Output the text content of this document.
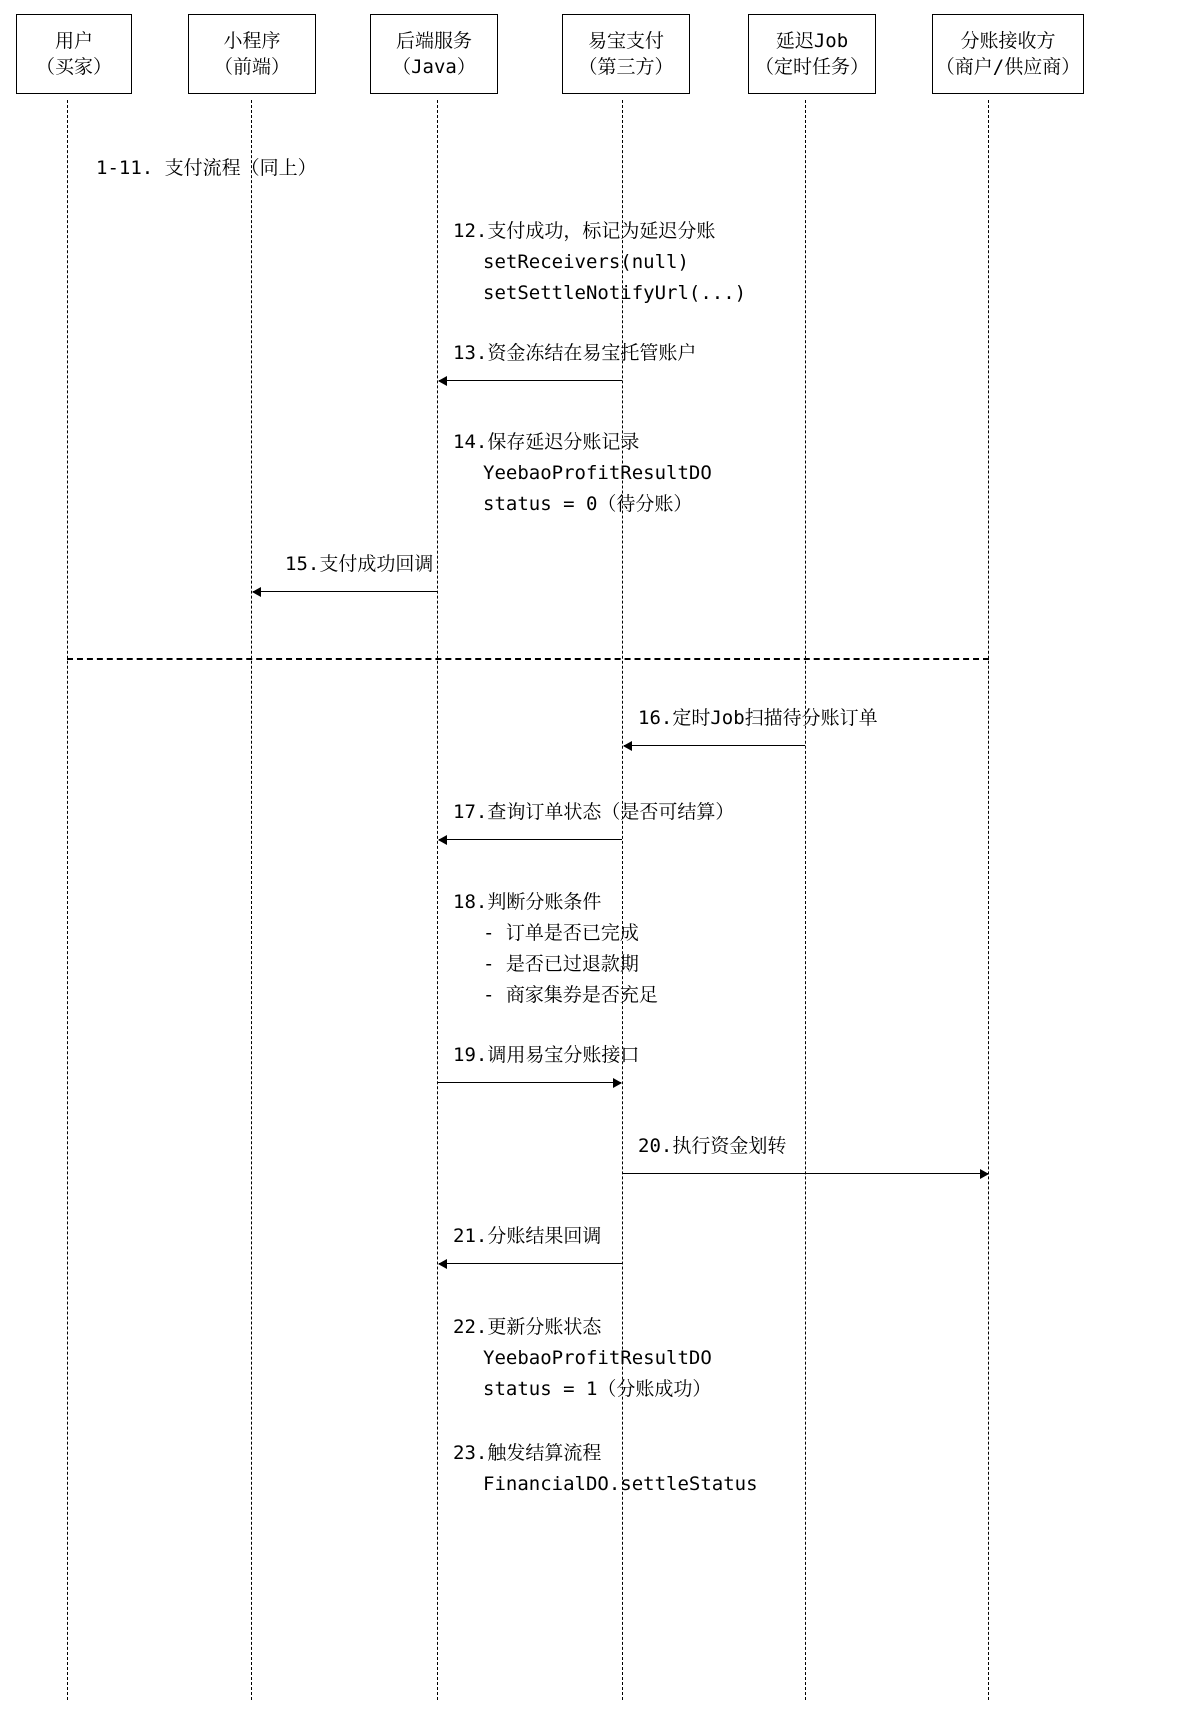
用户
（买家）
小程序
（前端）
后端服务
（Java）
易宝支付
（第三方）
延迟Job
（定时任务）
分账接收方
（商户/供应商）
1-11. 支付流程（同上）
12.支付成功，标记为延迟分账
setReceivers(null)
setSettleNotifyUrl(...)
13.资金冻结在易宝托管账户
14.保存延迟分账记录
YeebaoProfitResultDO
status = 0（待分账）
15.支付成功回调
16.定时Job扫描待分账订单
17.查询订单状态（是否可结算）
18.判断分账条件
- 订单是否已完成
- 是否已过退款期
- 商家集券是否充足
19.调用易宝分账接口
20.执行资金划转
21.分账结果回调
22.更新分账状态
YeebaoProfitResultDO
status = 1（分账成功）
23.触发结算流程
FinancialDO.settleStatus
